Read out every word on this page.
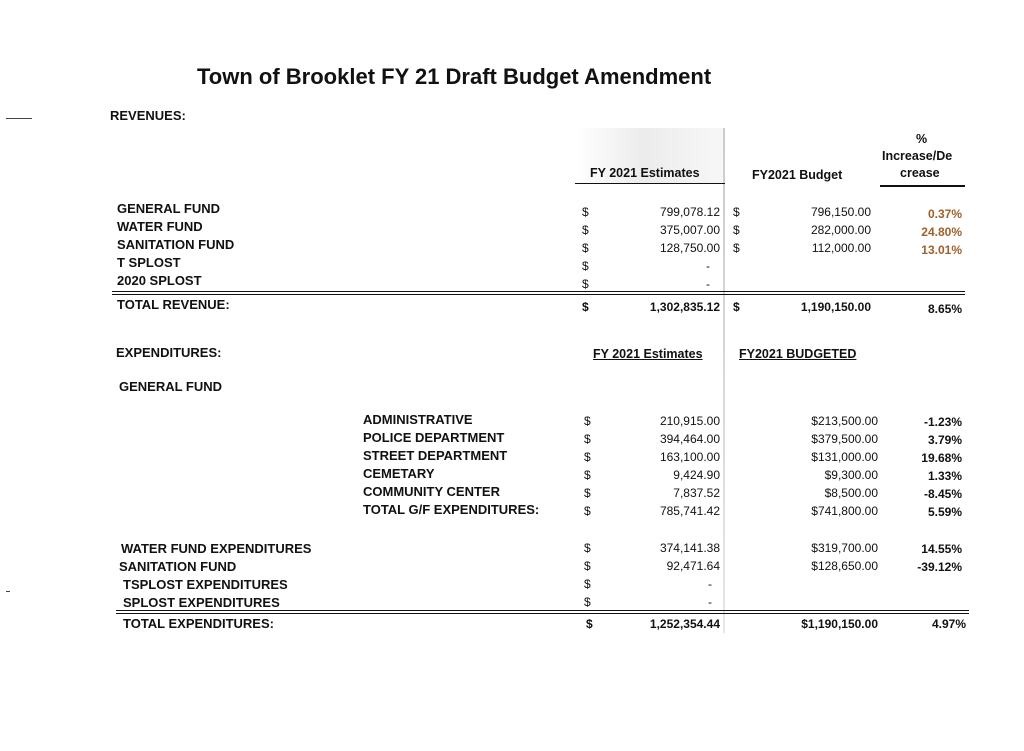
Town of Brooklet FY 21 Draft Budget Amendment
REVENUES:
FY 2021 Estimates	FY2021 Budget
%
Increase/De
crease
GENERAL FUND	$	799,078.12 $	796,150.00	0.37%
WATER FUND	$	375,007.00 $	282,000.00	24.80%
SANITATION FUND	$	128,750.00 $	112,000.00	13.01%
T SPLOST	$	-
2020 SPLOST	$	-
TOTAL REVENUE:	$	1,302,835.12 $	1,190,150.00	8.65%
EXPENDITURES:	FY 2021 Estimates	FY2021 BUDGETED
GENERAL FUND
ADMINISTRATIVE	$	210,915.00	$213,500.00	-1.23%
POLICE DEPARTMENT	$	394,464.00	$379,500.00	3.79%
STREET DEPARTMENT	$	163,100.00	$131,000.00	19.68%
CEMETARY	$	9,424.90	$9,300.00	1.33%
COMMUNITY CENTER	$	7,837.52	$8,500.00	-8.45%
TOTAL G/F EXPENDITURES:	$	785,741.42	$741,800.00	5.59%
WATER FUND EXPENDITURES	$	374,141.38	$319,700.00	14.55%
SANITATION FUND	$	92,471.64	$128,650.00	-39.12%
TSPLOST EXPENDITURES	$	-
SPLOST EXPENDITURES	$	-
TOTAL EXPENDITURES:	$	1,252,354.44	$1,190,150.00	4.97%
